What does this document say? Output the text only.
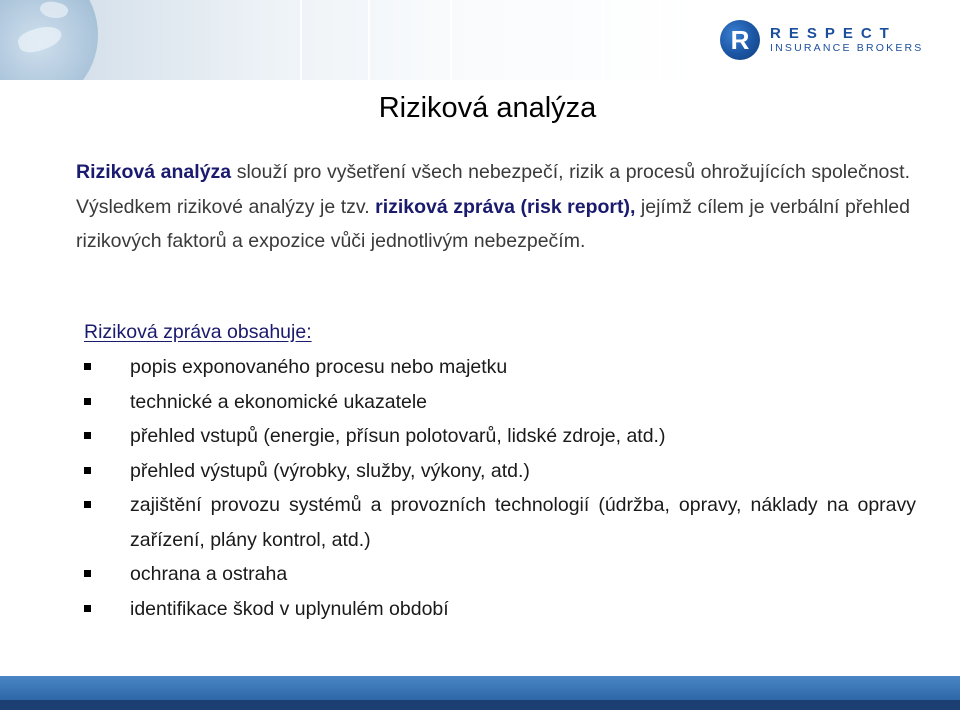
R	RESPECT
INSURANCE BROKERS
Riziková analýza

Riziková analýza slouží pro vyšetření všech nebezpečí, rizik a procesů ohrožujících společnost. Výsledkem rizikové analýzy je tzv. riziková zpráva (risk report), jejímž cílem je verbální přehled rizikových faktorů a expozice vůči jednotlivým nebezpečím.

Riziková zpráva obsahuje:

popis exponovaného procesu nebo majetku
technické a ekonomické ukazatele
přehled vstupů (energie, přísun polotovarů, lidské zdroje, atd.)
přehled výstupů (výrobky, služby, výkony, atd.)
zajištění provozu systémů a provozních technologií (údržba, opravy, náklady na opravy zařízení, plány kontrol, atd.)
ochrana a ostraha
identifikace škod v uplynulém období
